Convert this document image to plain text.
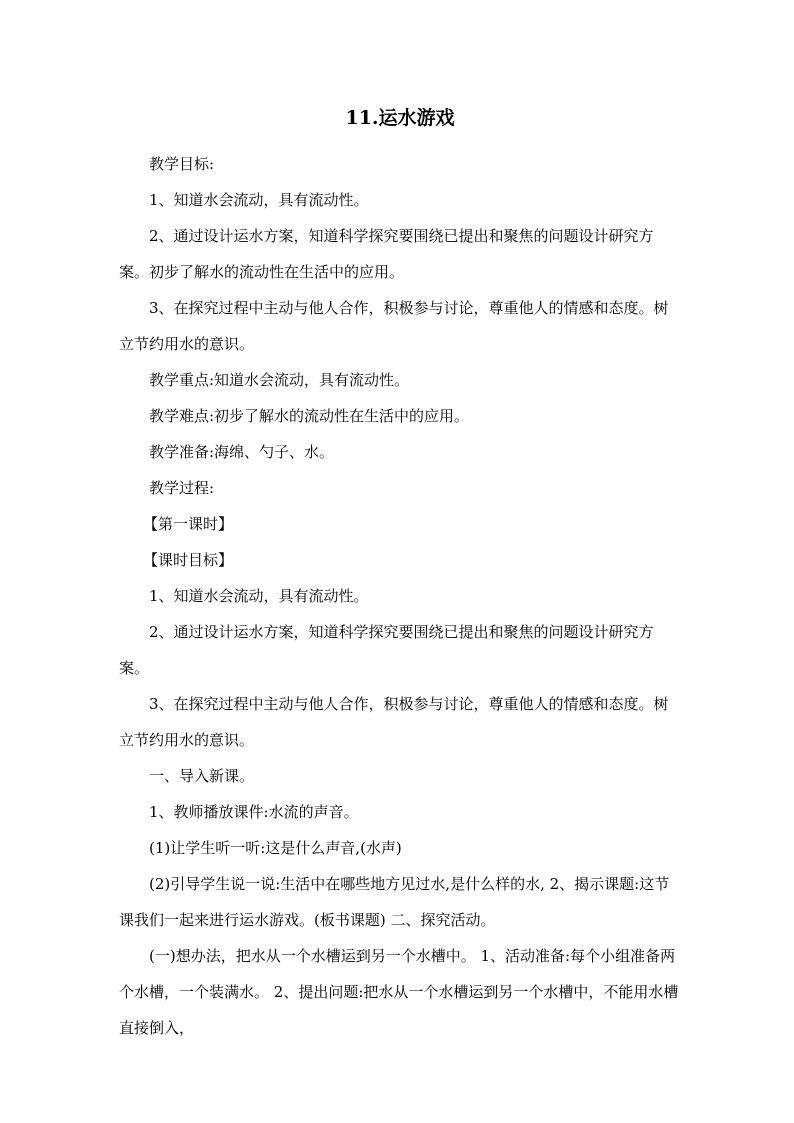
11.运水游戏

教学目标:

1、知道水会流动，具有流动性。

2、通过设计运水方案，知道科学探究要围绕已提出和聚焦的问题设计研究方案。初步了解水的流动性在生活中的应用。

3、在探究过程中主动与他人合作，积极参与讨论，尊重他人的情感和态度。树立节约用水的意识。

教学重点:知道水会流动，具有流动性。

教学难点:初步了解水的流动性在生活中的应用。

教学准备:海绵、勺子、水。

教学过程:

【第一课时】

【课时目标】

1、知道水会流动，具有流动性。

2、通过设计运水方案，知道科学探究要围绕已提出和聚焦的问题设计研究方案。

3、在探究过程中主动与他人合作，积极参与讨论，尊重他人的情感和态度。树立节约用水的意识。

一、导入新课。

1、教师播放课件:水流的声音。

(1)让学生听一听:这是什么声音,(水声)

(2)引导学生说一说:生活中在哪些地方见过水,是什么样的水, 2、揭示课题:这节课我们一起来进行运水游戏。(板书课题) 二、探究活动。

(一)想办法，把水从一个水槽运到另一个水槽中。 1、活动准备:每个小组准备两个水槽，一个装满水。 2、提出问题:把水从一个水槽运到另一个水槽中，不能用水槽直接倒入，
